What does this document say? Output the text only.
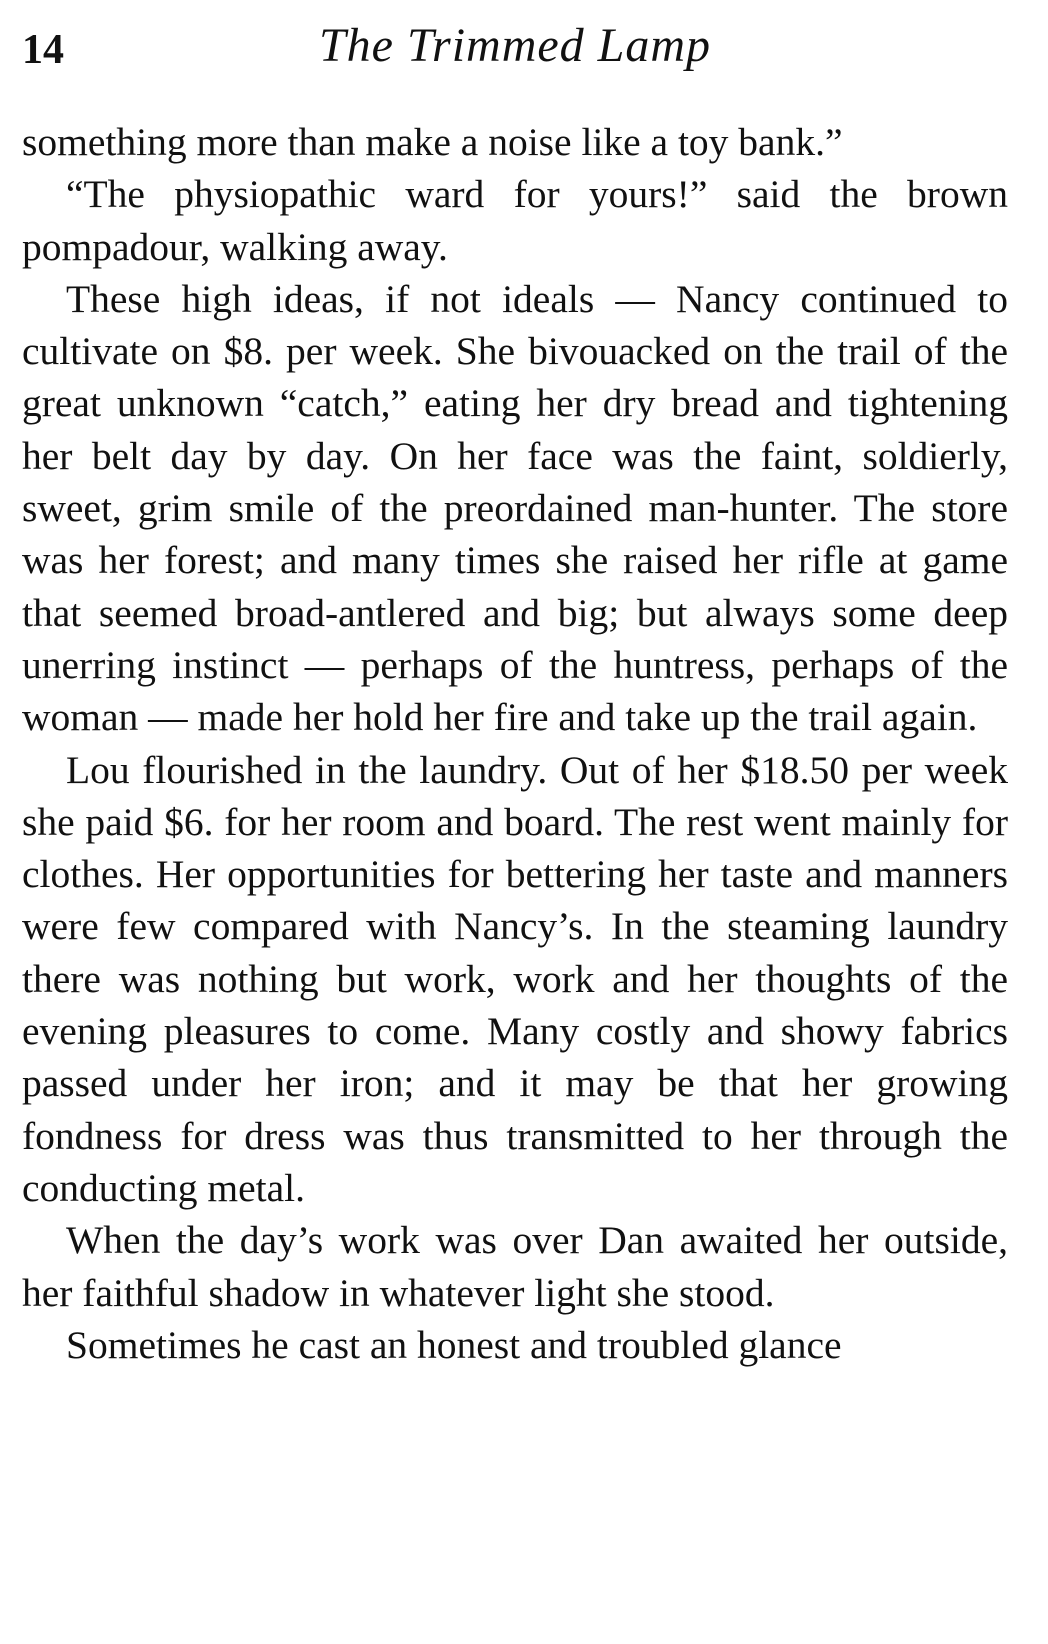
14	The Trimmed Lamp

something more than make a noise like a toy bank.”

“The physiopathic ward for yours!” said the brown pompadour, walking away.

These high ideas, if not ideals — Nancy continued to cultivate on $8. per week. She bivouacked on the trail of the great unknown “catch,” eating her dry bread and tightening her belt day by day. On her face was the faint, soldierly, sweet, grim smile of the preordained man-hunter. The store was her forest; and many times she raised her rifle at game that seemed broad-antlered and big; but always some deep unerring instinct — perhaps of the huntress, perhaps of the woman — made her hold her fire and take up the trail again.

Lou flourished in the laundry. Out of her $18.50 per week she paid $6. for her room and board. The rest went mainly for clothes. Her opportunities for bettering her taste and manners were few compared with Nancy’s. In the steaming laundry there was nothing but work, work and her thoughts of the evening pleasures to come. Many costly and showy fabrics passed under her iron; and it may be that her growing fondness for dress was thus transmitted to her through the conducting metal.

When the day’s work was over Dan awaited her outside, her faithful shadow in whatever light she stood.

Sometimes he cast an honest and troubled glance
